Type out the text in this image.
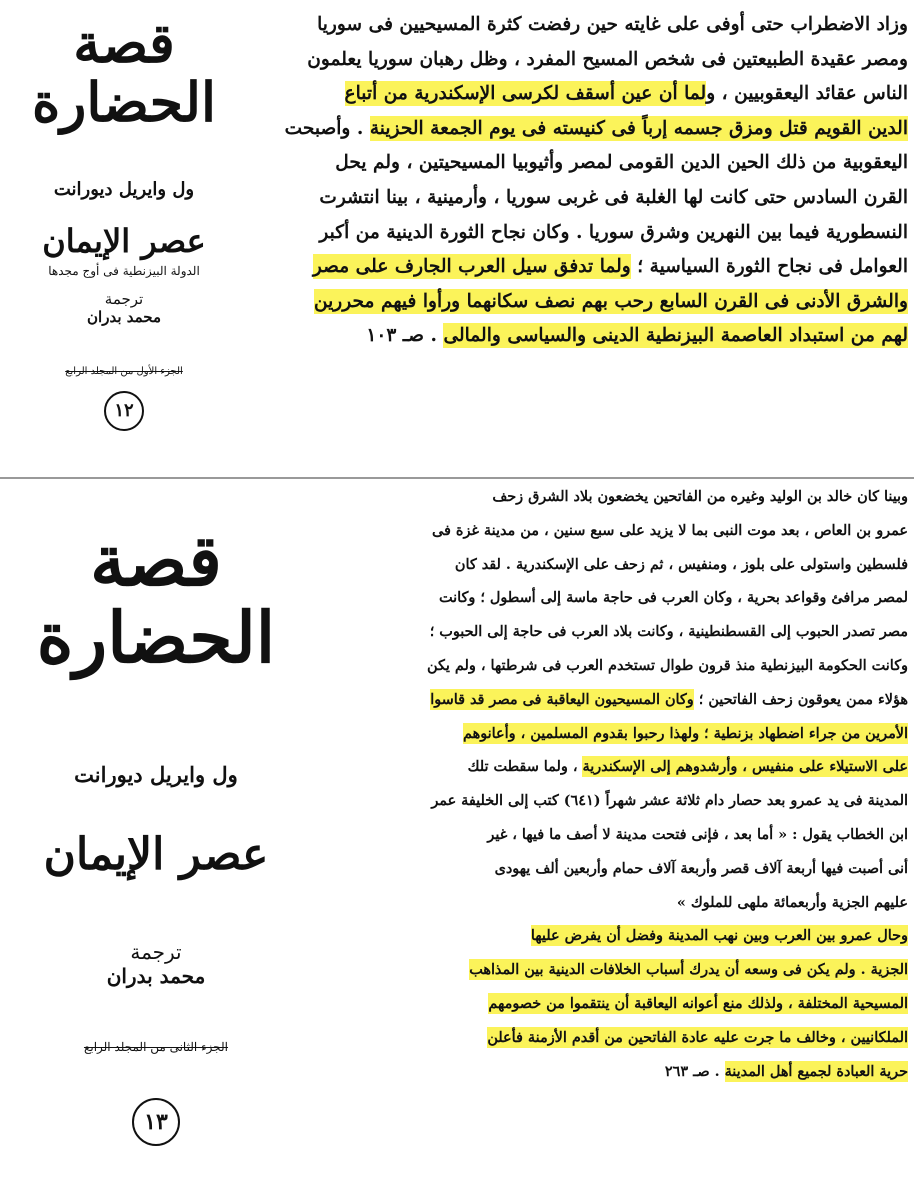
قصة الحضارة
ول وايريل ديورانت
عصر الإيمان
الدولة البيزنطية فى أوج مجدها
ترجمة
محمد بدران
الجزء الأول من المجلد الرابع
١٢
وزاد الاضطراب حتى أوفى على غايته حين رفضت كثرة المسيحيين فى سوريا
ومصر عقيدة الطبيعتين فى شخص المسيح المفرد ، وظل رهبان سوريا يعلمون
الناس عقائد اليعقوبيين ، ولما أن عين أسقف لكرسى الإسكندرية من أتباع
الدين القويم قتل ومزق جسمه إرباً فى كنيسته فى يوم الجمعة الحزينة . وأصبحت
اليعقوبية من ذلك الحين الدين القومى لمصر وأثيوبيا المسيحيتين ، ولم يحل
القرن السادس حتى كانت لها الغلبة فى غربى سوريا ، وأرمينية ، بينا انتشرت
النسطورية فيما بين النهرين وشرق سوريا . وكان نجاح الثورة الدينية من أكبر
العوامل فى نجاح الثورة السياسية ؛ ولما تدفق سيل العرب الجارف على مصر
والشرق الأدنى فى القرن السابع رحب بهم نصف سكانهما ورأوا فيهم محررين
لهم من استبداد العاصمة البيزنطية الدينى والسياسى والمالى . صـ ١٠٣
قصة الحضارة
ول وايريل ديورانت
عصر الإيمان
ترجمة
محمد بدران
الجزء الثانى من المجلد الرابع
١٣
وبينا كان خالد بن الوليد وغيره من الفاتحين يخضعون بلاد الشرق زحف
عمرو بن العاص ، بعد موت النبى بما لا يزيد على سبع سنين ، من مدينة غزة فى
فلسطين واستولى على بلوز ، ومنفيس ، ثم زحف على الإسكندرية . لقد كان
لمصر مرافئ وقواعد بحرية ، وكان العرب فى حاجة ماسة إلى أسطول ؛ وكانت
مصر تصدر الحبوب إلى القسطنطينية ، وكانت بلاد العرب فى حاجة إلى الحبوب ؛
وكانت الحكومة البيزنطية منذ قرون طوال تستخدم العرب فى شرطتها ، ولم يكن
هؤلاء ممن يعوقون زحف الفاتحين ؛ وكان المسيحيون اليعاقبة فى مصر قد قاسوا
الأمرين من جراء اضطهاد بزنطية ؛ ولهذا رحبوا بقدوم المسلمين ، وأعانوهم
على الاستيلاء على منفيس ، وأرشدوهم إلى الإسكندرية ، ولما سقطت تلك
المدينة فى يد عمرو بعد حصار دام ثلاثة عشر شهراً (٦٤١) كتب إلى الخليفة عمر
ابن الخطاب يقول : « أما بعد ، فإنى فتحت مدينة لا أصف ما فيها ، غير
أنى أصبت فيها أربعة آلاف قصر وأربعة آلاف حمام وأربعين ألف يهودى
عليهم الجزية وأربعمائة ملهى للملوك »
وحال عمرو بين العرب وبين نهب المدينة وفضل أن يفرض عليها
الجزية . ولم يكن فى وسعه أن يدرك أسباب الخلافات الدينية بين المذاهب
المسيحية المختلفة ، ولذلك منع أعوانه اليعاقبة أن ينتقموا من خصومهم
الملكانيين ، وخالف ما جرت عليه عادة الفاتحين من أقدم الأزمنة فأعلن
حرية العبادة لجميع أهل المدينة . صـ ٢٦٣
